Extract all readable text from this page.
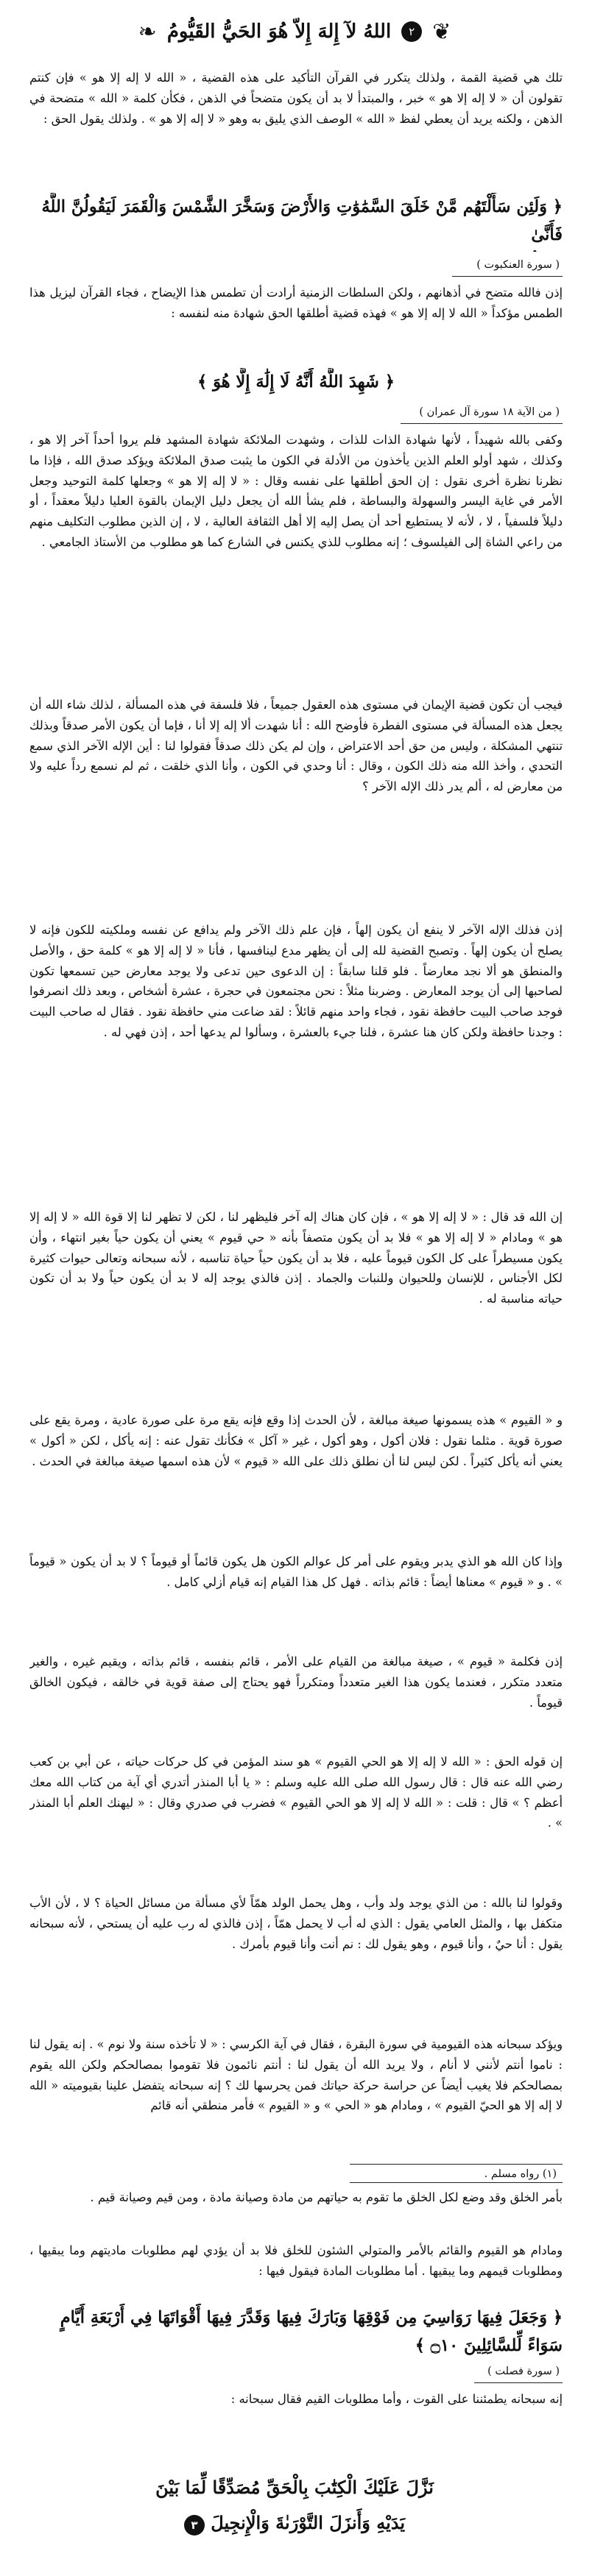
❦
٢
اللهُ لآ إِلهَ إِلاّ هُوَ الحَيُّ القَيُّومُ
❧
تلك هي قضية القمة ، ولذلك يتكرر في القرآن التأكيد على هذه القضية ، « الله لا إله إلا هو » فإن كنتم تقولون أن « لا إله إلا هو » خبر ، والمبتدأ لا بد أن يكون متضحاً في الذهن ، فكأن كلمة « الله » متضحة في الذهن ، ولكنه يريد أن يعطي لفظ « الله » الوصف الذي يليق به وهو « لا إله إلا هو » . ولذلك يقول الحق :
﴿ وَلَئِن سَأَلْتَهُم مَّنْ خَلَقَ السَّمَٰوَٰتِ وَالأَرْضَ وَسَخَّرَ الشَّمْسَ وَالْقَمَرَ لَيَقُولُنَّ اللَّهُ فَأَنَّىٰ

( سورة العنكبوت )
إذن فالله متضح في أذهانهم ، ولكن السلطات الزمنية أرادت أن تطمس هذا الإيضاح ، فجاء القرآن ليزيل هذا الطمس مؤكداً « الله لا إله إلا هو » فهذه قضية أطلقها الحق شهادة منه لنفسه :
﴿ شَهِدَ اللَّهُ أَنَّهُ لَا إِلَٰهَ إِلَّا هُوَ ﴾
( من الآية ١٨ سورة آل عمران )
وكفى بالله شهيداً ، لأنها شهادة الذات للذات ، وشهدت الملائكة شهادة المشهد فلم يروا أحداً آخر إلا هو ، وكذلك ، شهد أولو العلم الذين يأخذون من الأدلة في الكون ما يثبت صدق الملائكة ويؤكد صدق الله ، فإذا ما نظرنا نظرة أخرى نقول : إن الحق أطلقها على نفسه وقال : « لا إله إلا هو » وجعلها كلمة التوحيد وجعل الأمر في غاية اليسر والسهولة والبساطة ، فلم يشأ الله أن يجعل دليل الإيمان بالقوة العليا دليلاً معقداً ، أو دليلاً فلسفياً ، لا ، لأنه لا يستطيع أحد أن يصل إليه إلا أهل الثقافة العالية ، لا ، إن الذين مطلوب التكليف منهم من راعي الشاة إلى الفيلسوف ؛ إنه مطلوب للذي يكنس في الشارع كما هو مطلوب من الأستاذ الجامعي .
فيجب أن تكون قضية الإيمان في مستوى هذه العقول جميعاً ، فلا فلسفة في هذه المسألة ، لذلك شاء الله أن يجعل هذه المسألة في مستوى الفطرة فأوضح الله : أنا شهدت ألا إله إلا أنا ، فإما أن يكون الأمر صدقاً وبذلك تنتهي المشكلة ، وليس من حق أحد الاعتراض ، وإن لم يكن ذلك صدقاً فقولوا لنا : أين الإله الآخر الذي سمع التحدي ، وأخذ الله منه ذلك الكون ، وقال : أنا وحدي في الكون ، وأنا الذي خلقت ، ثم لم نسمع رداً عليه ولا من معارض له ، ألم يدر ذلك الإله الآخر ؟
إذن فذلك الإله الآخر لا ينفع أن يكون إلهاً ، فإن علم ذلك الآخر ولم يدافع عن نفسه وملكيته للكون فإنه لا يصلح أن يكون إلهاً . وتصبح القضية لله إلى أن يظهر مدع لينافسها ، فأنا « لا إله إلا هو » كلمة حق ، والأصل والمنطق هو ألا نجد معارضاً . فلو قلنا سابقاً : إن الدعوى حين تدعى ولا يوجد معارض حين تسمعها تكون لصاحبها إلى أن يوجد المعارض . وضربنا مثلاً : نحن مجتمعون في حجرة ، عشرة أشخاص ، وبعد ذلك انصرفوا فوجد صاحب البيت حافظة نقود ، فجاء واحد منهم قائلاً : لقد ضاعت مني حافظة نقود . فقال له صاحب البيت : وجدنا حافظة ولكن كان هنا عشرة ، فلنا جيء بالعشرة ، وسألوا لم يدعها أحد ، إذن فهي له .
إن الله قد قال : « لا إله إلا هو » ، فإن كان هناك إله آخر فليظهر لنا ، لكن لا تظهر لنا إلا قوة الله « لا إله إلا هو » ومادام « لا إله إلا هو » فلا بد أن يكون متصفاً بأنه « حي قيوم » يعني أن يكون حياً بغير انتهاء ، وأن يكون مسيطراً على كل الكون قيوماً عليه ، فلا بد أن يكون حياً حياة تناسبه ، لأنه سبحانه وتعالى حيوات كثيرة لكل الأجناس ، للإنسان وللحيوان وللنبات والجماد . إذن فالذي يوجد إله لا بد أن يكون حياً ولا بد أن تكون حياته مناسبة له .
و « القيوم » هذه يسمونها صيغة مبالغة ، لأن الحدث إذا وقع فإنه يقع مرة على صورة عادية ، ومرة يقع على صورة قوية . مثلما نقول : فلان أكول ، وهو أكول ، غير « آكل » فكأنك تقول عنه : إنه يأكل ، لكن « أكول » يعني أنه يأكل كثيراً . لكن ليس لنا أن نطلق ذلك على الله « قيوم » لأن هذه اسمها صيغة مبالغة في الحدث .
وإذا كان الله هو الذي يدبر ويقوم على أمر كل عوالم الكون هل يكون قائماً أو قيوماً ؟ لا بد أن يكون « قيوماً » . و « قيوم » معناها أيضاً : قائم بذاته . فهل كل هذا القيام إنه قيام أزلي كامل .
إذن فكلمة « قيوم » ، صيغة مبالغة من القيام على الأمر ، قائم بنفسه ، قائم بذاته ، ويقيم غيره ، والغير متعدد متكرر ، فعندما يكون هذا الغير متعدداً ومتكرراً فهو يحتاج إلى صفة قوية في خالقه ، فيكون الخالق قيوماً .
إن قوله الحق : « الله لا إله إلا هو الحي القيوم » هو سند المؤمن في كل حركات حياته ، عن أبي بن كعب رضي الله عنه قال : قال رسول الله صلى الله عليه وسلم : « يا أبا المنذر أتدري أي آية من كتاب الله معك أعظم ؟ » قال : قلت : « الله لا إله إلا هو الحي القيوم » فضرب في صدري وقال : « ليهنك العلم أبا المنذر » .
وقولوا لنا بالله : من الذي يوجد ولد وأب ، وهل يحمل الولد همّاً لأي مسألة من مسائل الحياة ؟ لا ، لأن الأب متكفل بها ، والمثل العامي يقول : الذي له أب لا يحمل همّاً ، إذن فالذي له رب عليه أن يستحي ، لأنه سبحانه يقول : أنا حيٌ ، وأنا قيوم ، وهو يقول لك : نم أنت وأنا قيوم بأمرك .
ويؤكد سبحانه هذه القيومية في سورة البقرة ، فقال في آية الكرسي : « لا تأخذه سنة ولا نوم » . إنه يقول لنا : ناموا أنتم لأنني لا أنام ، ولا يريد الله أن يقول لنا : أنتم نائمون فلا تقوموا بمصالحكم ولكن الله يقوم بمصالحكم فلا يغيب أيضاً عن حراسة حركة حياتك فمن يحرسها لك ؟ إنه سبحانه يتفضل علينا بقيوميته « الله لا إله إلا هو الحيّ القيوم » ، ومادام هو « الحي » و « القيوم » فأمر منطقي أنه قائم
(١) رواه مسلم .
بأمر الخلق وقد وضع لكل الخلق ما تقوم به حياتهم من مادة وصيانة مادة ، ومن قيم وصيانة قيم .
ومادام هو القيوم والقائم بالأمر والمتولي الشئون للخلق فلا بد أن يؤدي لهم مطلوبات ماديتهم وما يبقيها ، ومطلوبات قيمهم وما يبقيها . أما مطلوبات المادة فيقول فيها :
﴿ وَجَعَلَ فِيهَا رَوَاسِيَ مِن فَوْقِهَا وَبَارَكَ فِيهَا وَقَدَّرَ فِيهَا أَقْوَاتَهَا فِي أَرْبَعَةِ أَيَّامٍ
سَوَاءً لِّلسَّائِلِينَ ۝١٠ ﴾
( سورة فصلت )
إنه سبحانه يطمئننا على القوت ، وأما مطلوبات القيم فقال سبحانه :
نَزَّلَ عَلَيْكَ الْكِتَٰبَ بِالْحَقِّ مُصَدِّقًا لِّمَا بَيْنَ
يَدَيْهِ وَأَنزَلَ التَّوْرَىٰةَ وَالْإِنجِيلَ ٣
